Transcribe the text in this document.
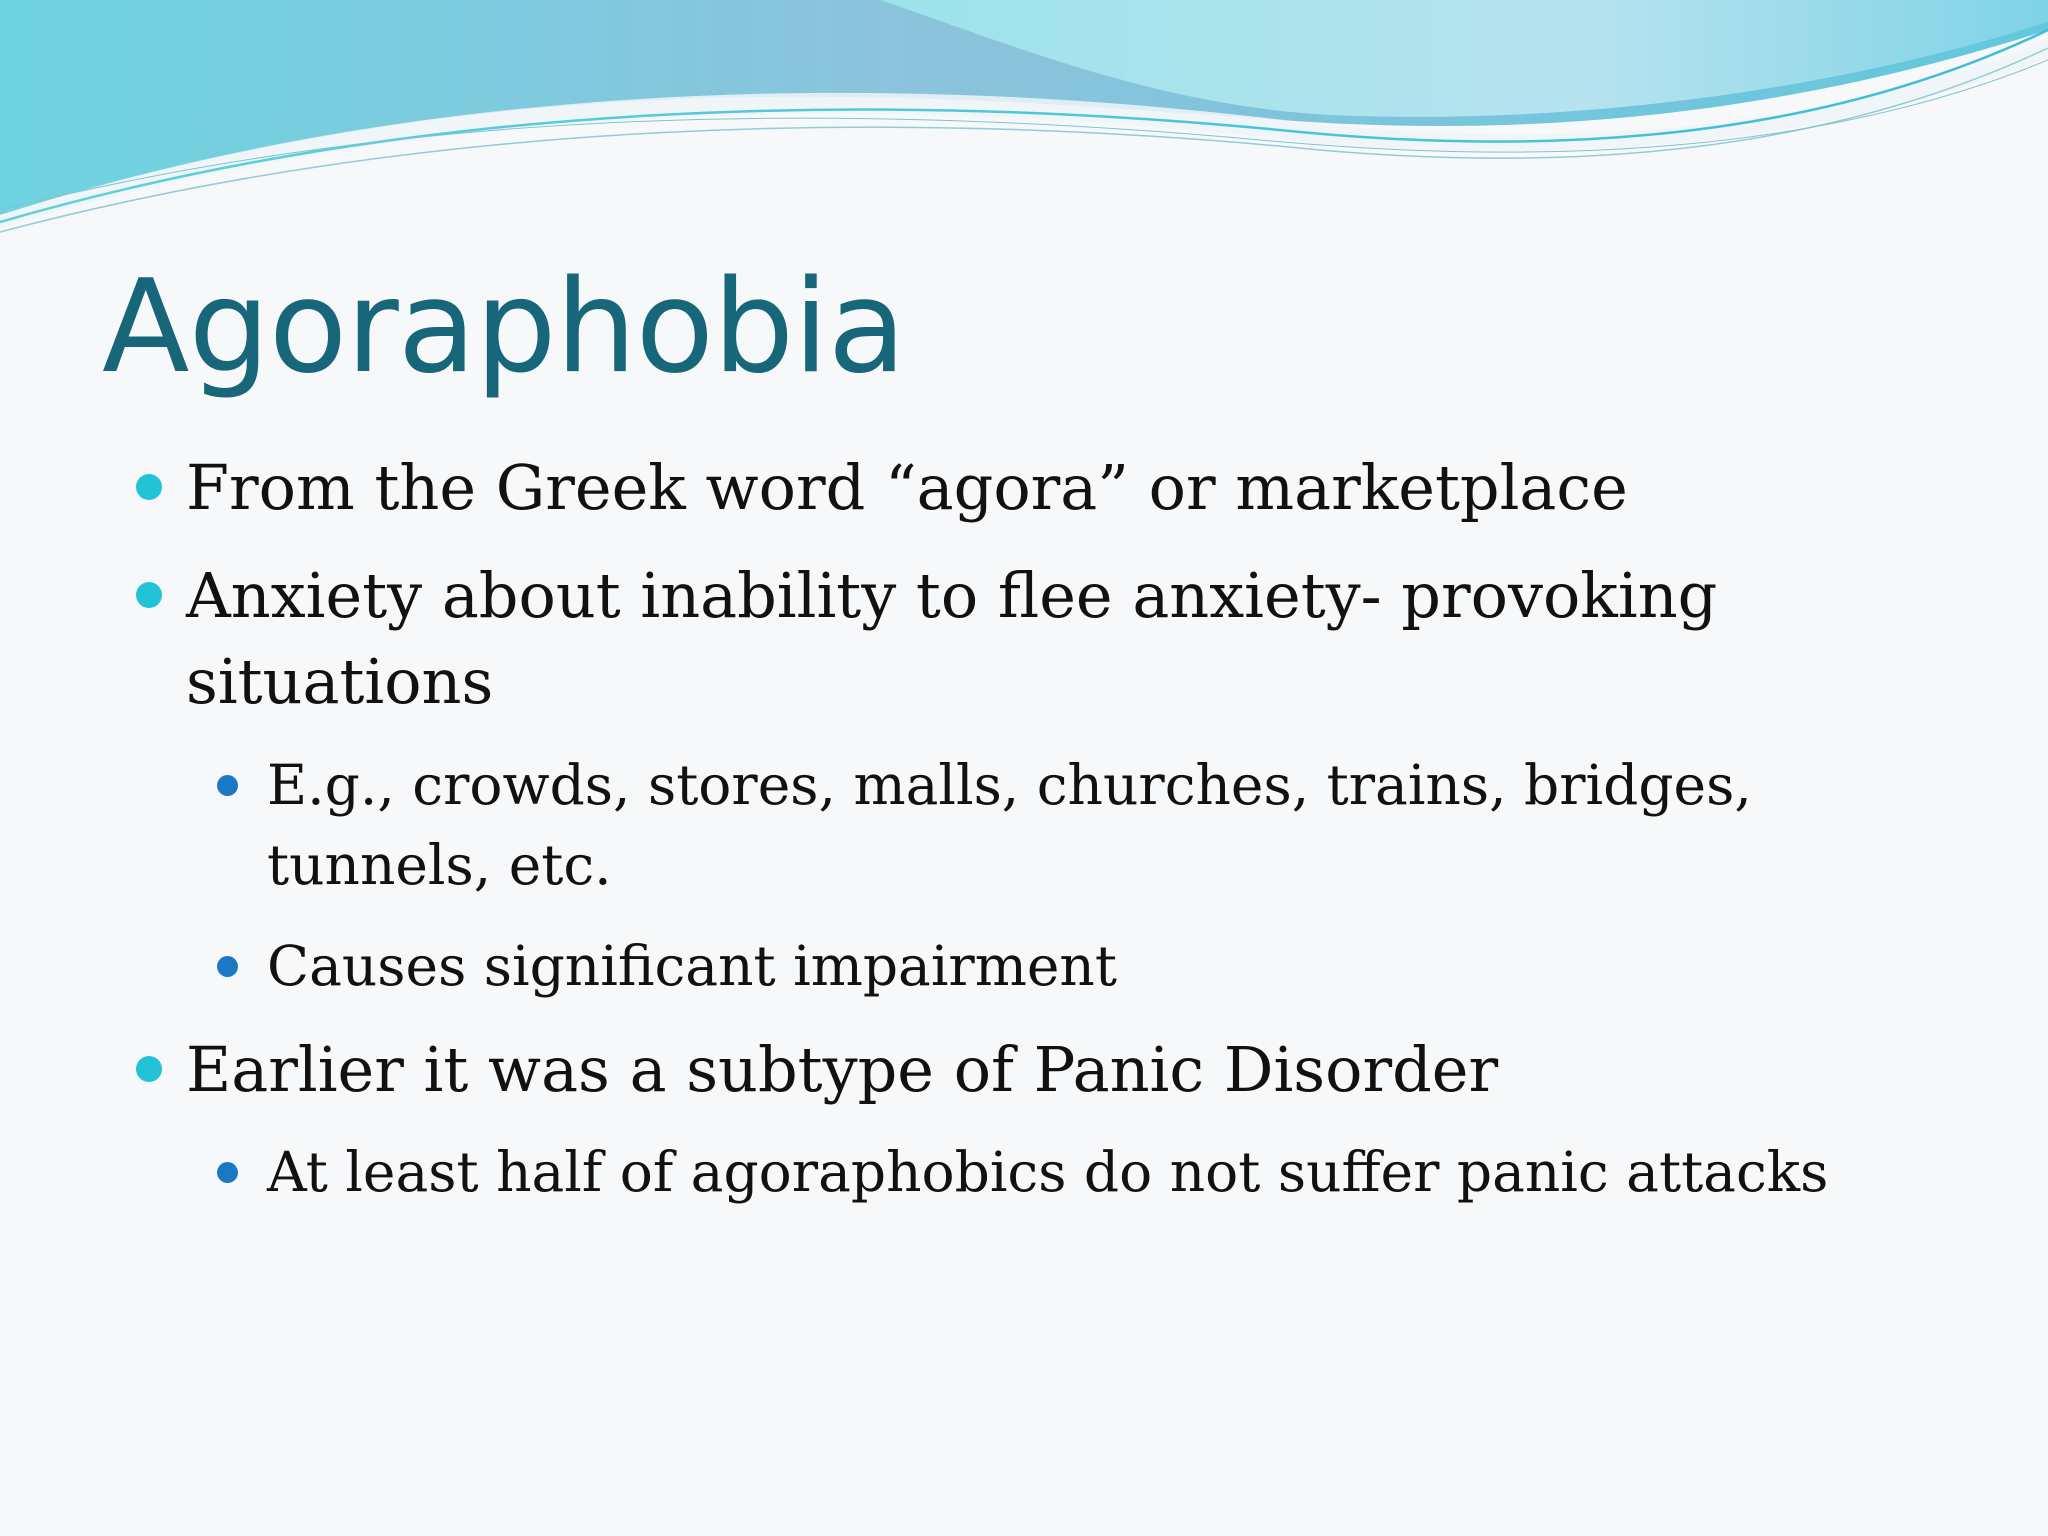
Agoraphobia

From the Greek word “agora” or marketplace

Anxiety about inability to flee anxiety- provoking situations

E.g., crowds, stores, malls, churches, trains, bridges, tunnels, etc.

Causes significant impairment

Earlier it was a subtype of Panic Disorder

At least half of agoraphobics do not suffer panic attacks
